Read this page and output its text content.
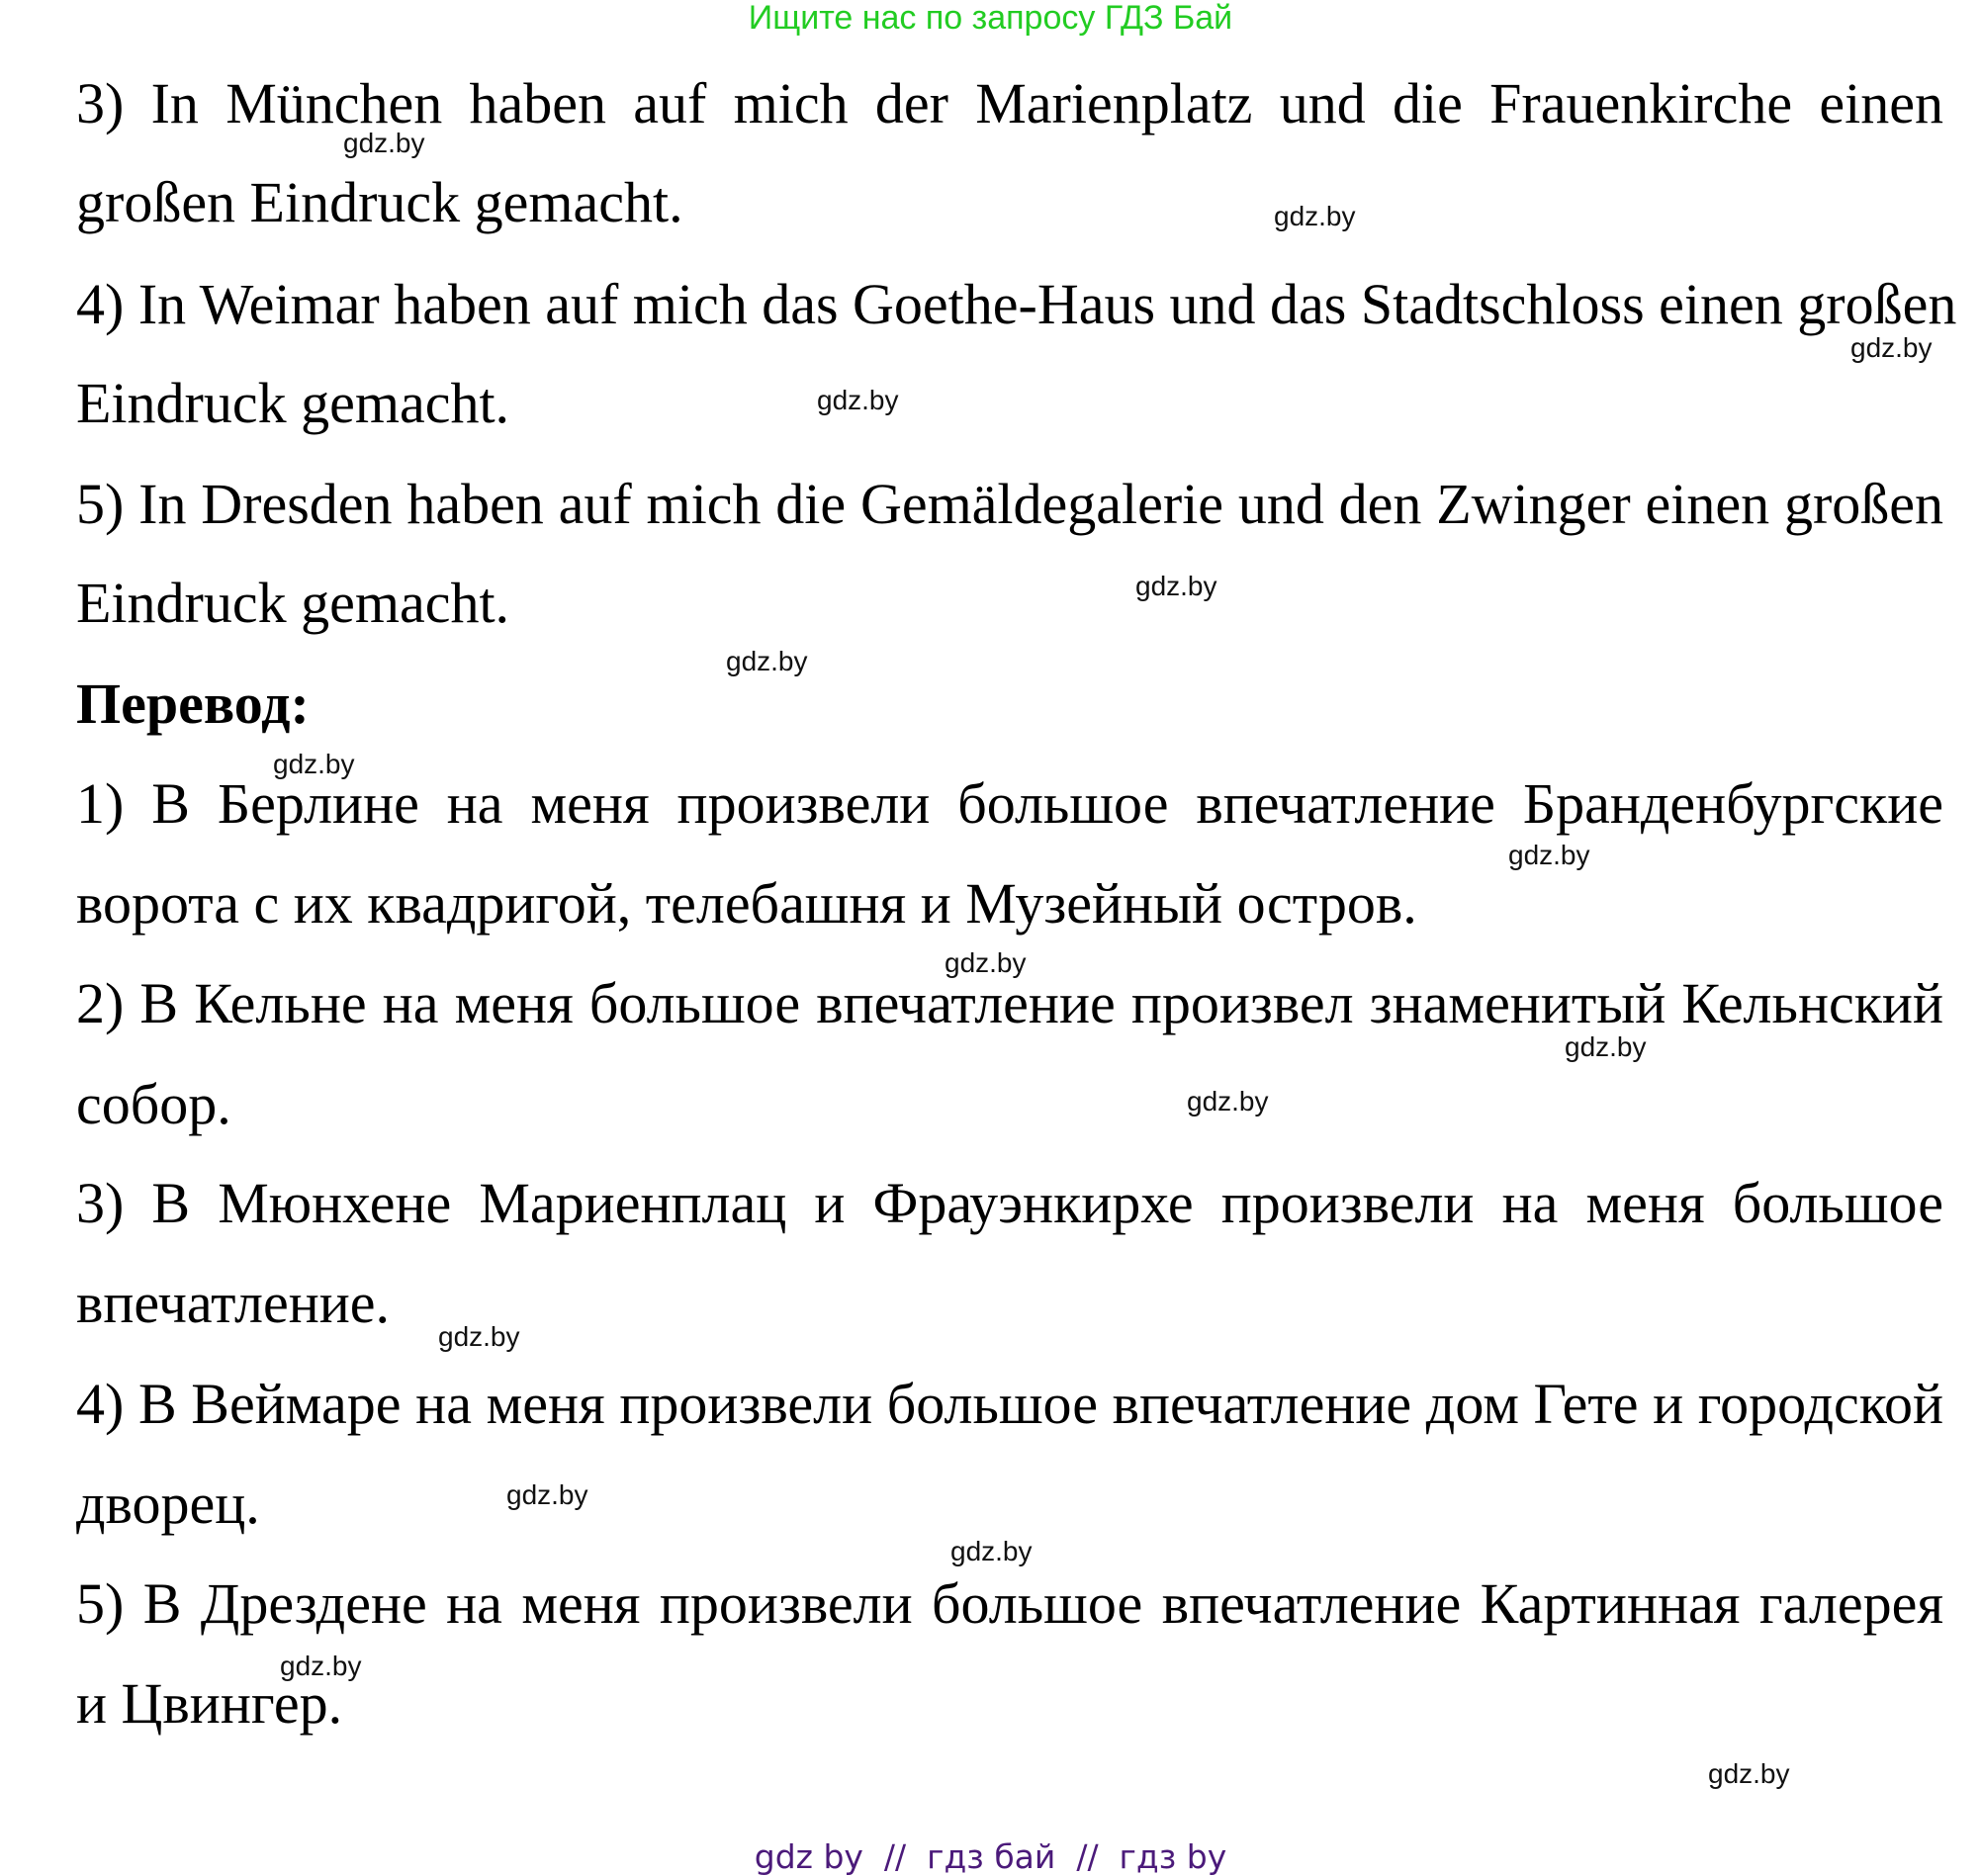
Ищите нас по запросу ГДЗ Бай
3) In München haben auf mich der Marienplatz und die Frauenkirche einen
großen Eindruck gemacht.
4) In Weimar haben auf mich das Goethe-Haus und das Stadtschloss einen großen
Eindruck gemacht.
5) In Dresden haben auf mich die Gemäldegalerie und den Zwinger einen großen
Eindruck gemacht.
Перевод:
1) В Берлине на меня произвели большое впечатление Бранденбургские
ворота с их квадригой, телебашня и Музейный остров.
2) В Кельне на меня большое впечатление произвел знаменитый Кельнский
собор.
3) В Мюнхене Мариенплац и Фрауэнкирхе произвели на меня большое
впечатление.
4) В Веймаре на меня произвели большое впечатление дом Гете и городской
дворец.
5) В Дрездене на меня произвели большое впечатление Картинная галерея
и Цвингер.
gdz.by
gdz.by
gdz.by
gdz.by
gdz.by
gdz.by
gdz.by
gdz.by
gdz.by
gdz.by
gdz.by
gdz.by
gdz.by
gdz.by
gdz.by
gdz.by
gdz by  //  гдз бай  //  гдз by
